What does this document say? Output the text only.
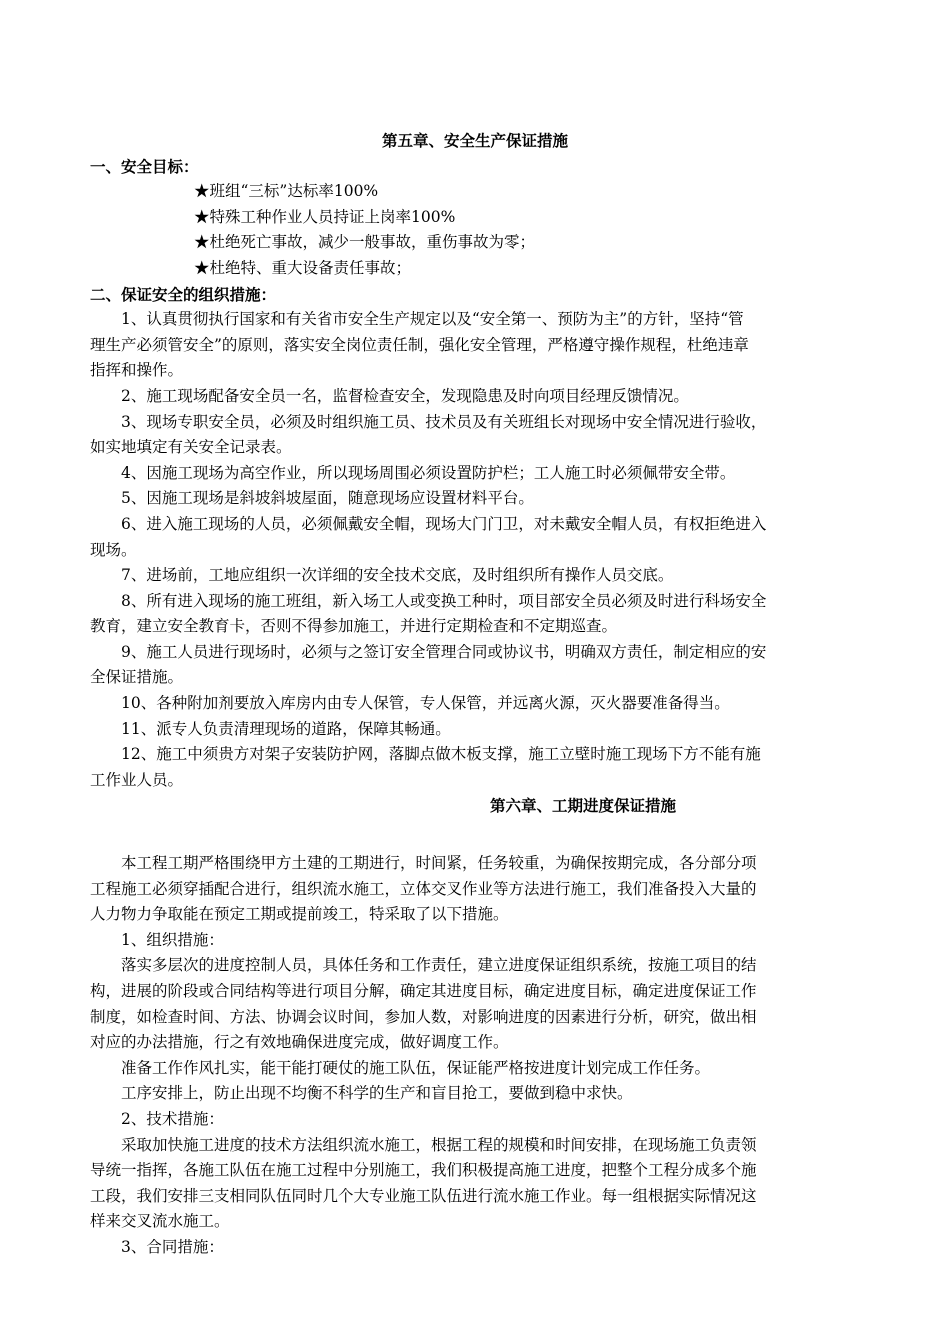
第五章、安全生产保证措施
一、安全目标：
★班组“三标”达标率100%
★特殊工种作业人员持证上岗率100%
★杜绝死亡事故，减少一般事故，重伤事故为零；
★杜绝特、重大设备责任事故；
二、保证安全的组织措施：
1、认真贯彻执行国家和有关省市安全生产规定以及“安全第一、预防为主”的方针，坚持“管
理生产必须管安全”的原则，落实安全岗位责任制，强化安全管理，严格遵守操作规程，杜绝违章
指挥和操作。
2、施工现场配备安全员一名，监督检查安全，发现隐患及时向项目经理反馈情况。
3、现场专职安全员，必须及时组织施工员、技术员及有关班组长对现场中安全情况进行验收，
如实地填定有关安全记录表。
4、因施工现场为高空作业，所以现场周围必须设置防护栏；工人施工时必须佩带安全带。
5、因施工现场是斜坡斜坡屋面，随意现场应设置材料平台。
6、进入施工现场的人员，必须佩戴安全帽，现场大门门卫，对未戴安全帽人员，有权拒绝进入
现场。
7、进场前，工地应组织一次详细的安全技术交底，及时组织所有操作人员交底。
8、所有进入现场的施工班组，新入场工人或变换工种时，项目部安全员必须及时进行科场安全
教育，建立安全教育卡，否则不得参加施工，并进行定期检查和不定期巡查。
9、施工人员进行现场时，必须与之签订安全管理合同或协议书，明确双方责任，制定相应的安
全保证措施。
10、各种附加剂要放入库房内由专人保管，专人保管，并远离火源，灭火器要准备得当。
11、派专人负责清理现场的道路，保障其畅通。
12、施工中须贵方对架子安装防护网，落脚点做木板支撑，施工立壁时施工现场下方不能有施
工作业人员。
第六章、工期进度保证措施
本工程工期严格围绕甲方土建的工期进行，时间紧，任务较重，为确保按期完成，各分部分项
工程施工必须穿插配合进行，组织流水施工，立体交叉作业等方法进行施工，我们准备投入大量的
人力物力争取能在预定工期或提前竣工，特采取了以下措施。
1、组织措施：
落实多层次的进度控制人员，具体任务和工作责任，建立进度保证组织系统，按施工项目的结
构，进展的阶段或合同结构等进行项目分解，确定其进度目标，确定进度目标，确定进度保证工作
制度，如检查时间、方法、协调会议时间，参加人数，对影响进度的因素进行分析，研究，做出相
对应的办法措施，行之有效地确保进度完成，做好调度工作。
准备工作作风扎实，能干能打硬仗的施工队伍，保证能严格按进度计划完成工作任务。
工序安排上，防止出现不均衡不科学的生产和盲目抢工，要做到稳中求快。
2、技术措施：
采取加快施工进度的技术方法组织流水施工，根据工程的规模和时间安排，在现场施工负责领
导统一指挥，各施工队伍在施工过程中分别施工，我们积极提高施工进度，把整个工程分成多个施
工段，我们安排三支相同队伍同时几个大专业施工队伍进行流水施工作业。每一组根据实际情况这
样来交叉流水施工。
3、合同措施：
